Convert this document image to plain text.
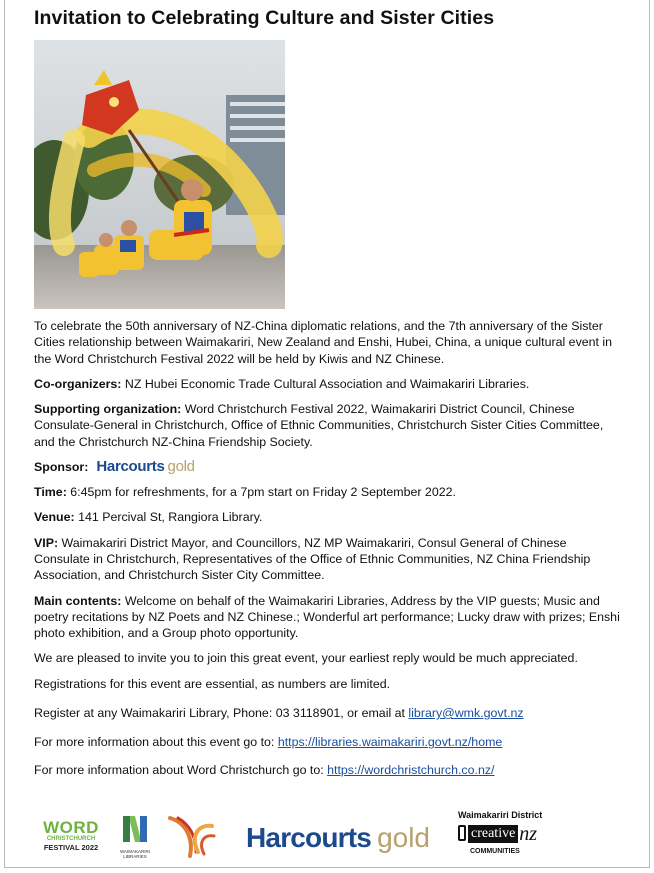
Invitation to Celebrating Culture and Sister Cities

To celebrate the 50th anniversary of NZ-China diplomatic relations, and the 7th anniversary of the Sister Cities relationship between Waimakariri, New Zealand and Enshi, Hubei, China, a unique cultural event in the Word Christchurch Festival 2022 will be held by Kiwis and NZ Chinese.

Co-organizers: NZ Hubei Economic Trade Cultural Association and Waimakariri Libraries.

Supporting organization: Word Christchurch Festival 2022, Waimakariri District Council, Chinese Consulate-General in Christchurch, Office of Ethnic Communities, Christchurch Sister Cities Committee, and the Christchurch NZ-China Friendship Society.

Sponsor: Harcourts gold

Time: 6:45pm for refreshments, for a 7pm start on Friday 2 September 2022.

Venue: 141 Percival St, Rangiora Library.

VIP: Waimakariri District Mayor, and Councillors, NZ MP Waimakariri, Consul General of Chinese Consulate in Christchurch, Representatives of the Office of Ethnic Communities, NZ China Friendship Association, and Christchurch Sister City Committee.

Main contents: Welcome on behalf of the Waimakariri Libraries, Address by the VIP guests; Music and poetry recitations by NZ Poets and NZ Chinese.; Wonderful art performance; Lucky draw with prizes; Enshi photo exhibition, and a Group photo opportunity.

We are pleased to invite you to join this great event, your earliest reply would be much appreciated.

Registrations for this event are essential, as numbers are limited.

Register at any Waimakariri Library, Phone: 03 3118901, or email at library@wmk.govt.nz

For more information about this event go to: https://libraries.waimakariri.govt.nz/home

For more information about Word Christchurch go to: https://wordchristchurch.co.nz/

WORD
CHRISTCHURCH
FESTIVAL 2022	WAIMAKARIRI
LIBRARIES
Harcourts gold
Waimakariri District
creative nz
COMMUNITIES
